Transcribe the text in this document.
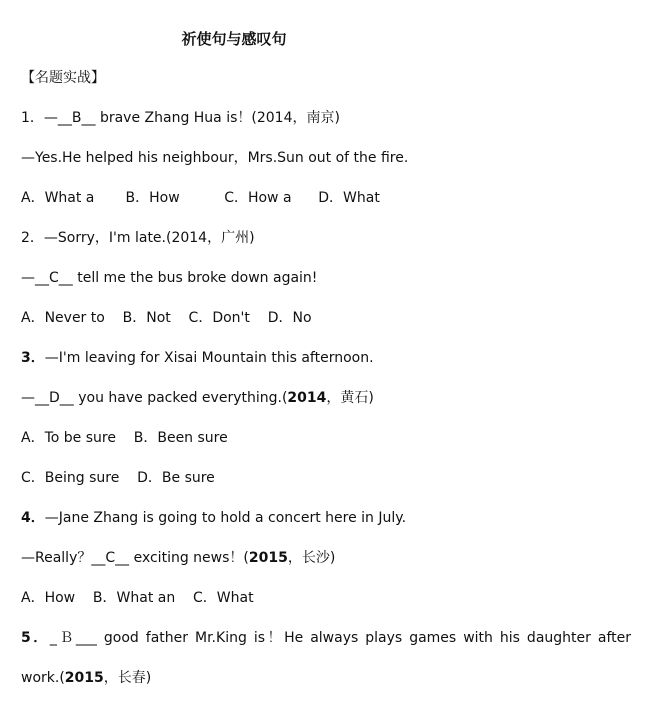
祈使句与感叹句
【名题实战】
1．—__B__ brave Zhang Hua is！(2014，南京)
—Yes.He helped his neighbour，Mrs.Sun out of the fire.
A．What a       B．How          C．How a      D．What
2．—Sorry，I'm late.(2014，广州)
—__C__ tell me the bus broke down again!
A．Never to    B．Not    C．Don't    D．No
3．—I'm leaving for Xisai Mountain this afternoon.
—__D__ you have packed everything.(2014，黄石)
A．To be sure    B．Been sure
C．Being sure    D．Be sure
4．—Jane Zhang is going to hold a concert here in July.
—Really？__C__ exciting news！(2015，长沙)
A．How    B．What an    C．What
5．_Ｂ___ good father Mr.King is！He always plays games with his daughter after
work.(2015，长春)
